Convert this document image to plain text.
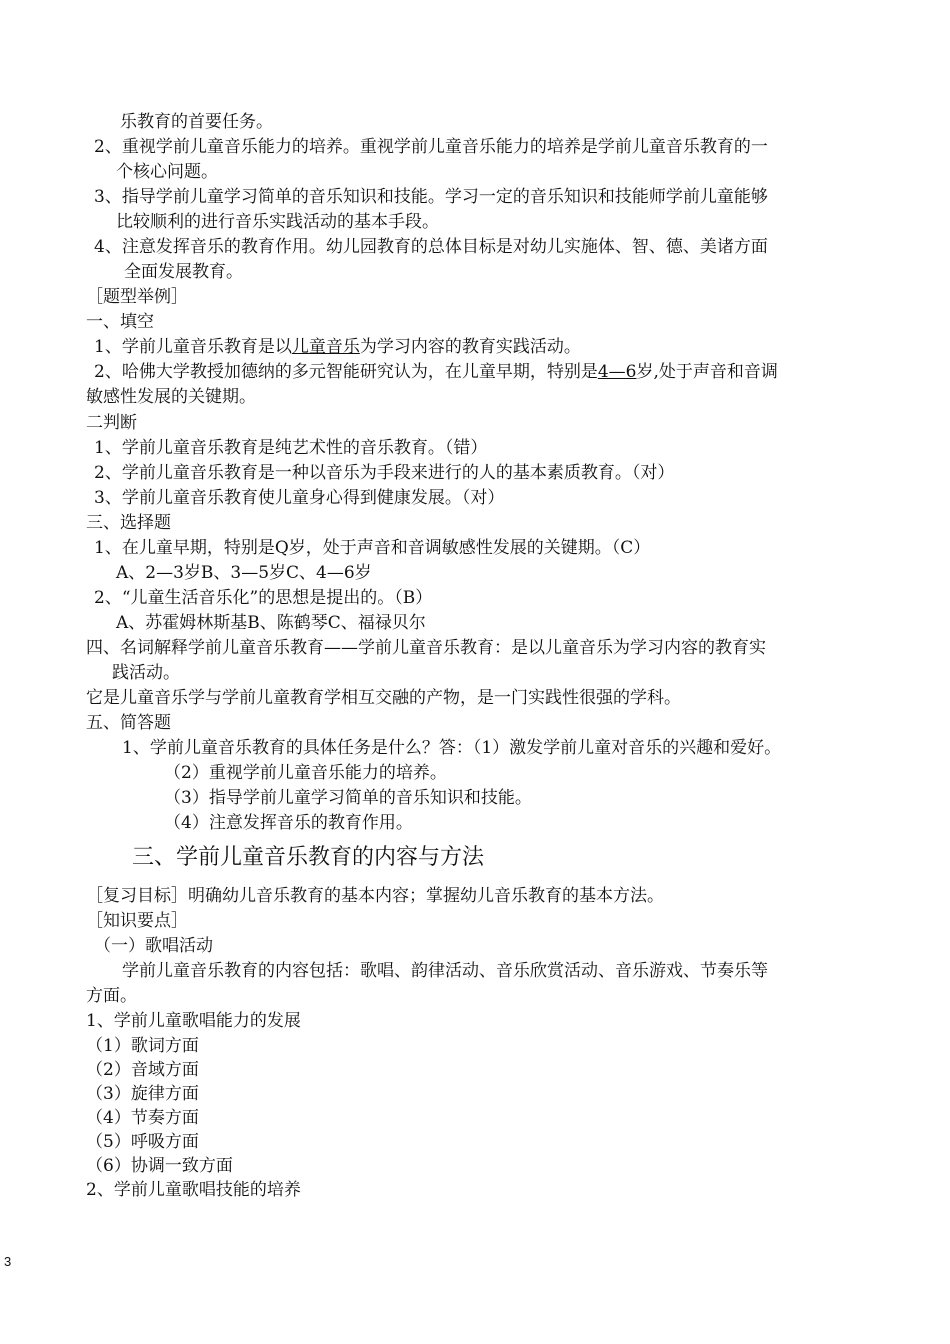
乐教育的首要任务。

2、重视学前儿童音乐能力的培养。重视学前儿童音乐能力的培养是学前儿童音乐教育的一

个核心问题。

3、指导学前儿童学习简单的音乐知识和技能。学习一定的音乐知识和技能师学前儿童能够

比较顺利的进行音乐实践活动的基本手段。

4、注意发挥音乐的教育作用。幼儿园教育的总体目标是对幼儿实施体、智、德、美诸方面

全面发展教育。

［题型举例］

一、填空

1、学前儿童音乐教育是以儿童音乐为学习内容的教育实践活动。

2、哈佛大学教授加德纳的多元智能研究认为，在儿童早期，特别是4—6岁,处于声音和音调

敏感性发展的关键期。

二判断

1、学前儿童音乐教育是纯艺术性的音乐教育。（错）

2、学前儿童音乐教育是一种以音乐为手段来进行的人的基本素质教育。（对）

3、学前儿童音乐教育使儿童身心得到健康发展。（对）

三、选择题

1、在儿童早期，特别是Q岁，处于声音和音调敏感性发展的关键期。（C）

A、2—3岁B、3—5岁C、4—6岁

2、“儿童生活音乐化”的思想是提出的。（B）

A、苏霍姆林斯基B、陈鹤琴C、福禄贝尔

四、名词解释学前儿童音乐教育——学前儿童音乐教育：是以儿童音乐为学习内容的教育实

践活动。

它是儿童音乐学与学前儿童教育学相互交融的产物，是一门实践性很强的学科。

五、简答题

1、学前儿童音乐教育的具体任务是什么？答：（1）激发学前儿童对音乐的兴趣和爱好。

（2）重视学前儿童音乐能力的培养。

（3）指导学前儿童学习简单的音乐知识和技能。

（4）注意发挥音乐的教育作用。

三、学前儿童音乐教育的内容与方法

［复习目标］明确幼儿音乐教育的基本内容；掌握幼儿音乐教育的基本方法。

［知识要点］

（一）歌唱活动

学前儿童音乐教育的内容包括：歌唱、韵律活动、音乐欣赏活动、音乐游戏、节奏乐等

方面。

1、学前儿童歌唱能力的发展

（1）歌词方面

（2）音域方面

（3）旋律方面

（4）节奏方面

（5）呼吸方面

（6）协调一致方面

2、学前儿童歌唱技能的培养

3
